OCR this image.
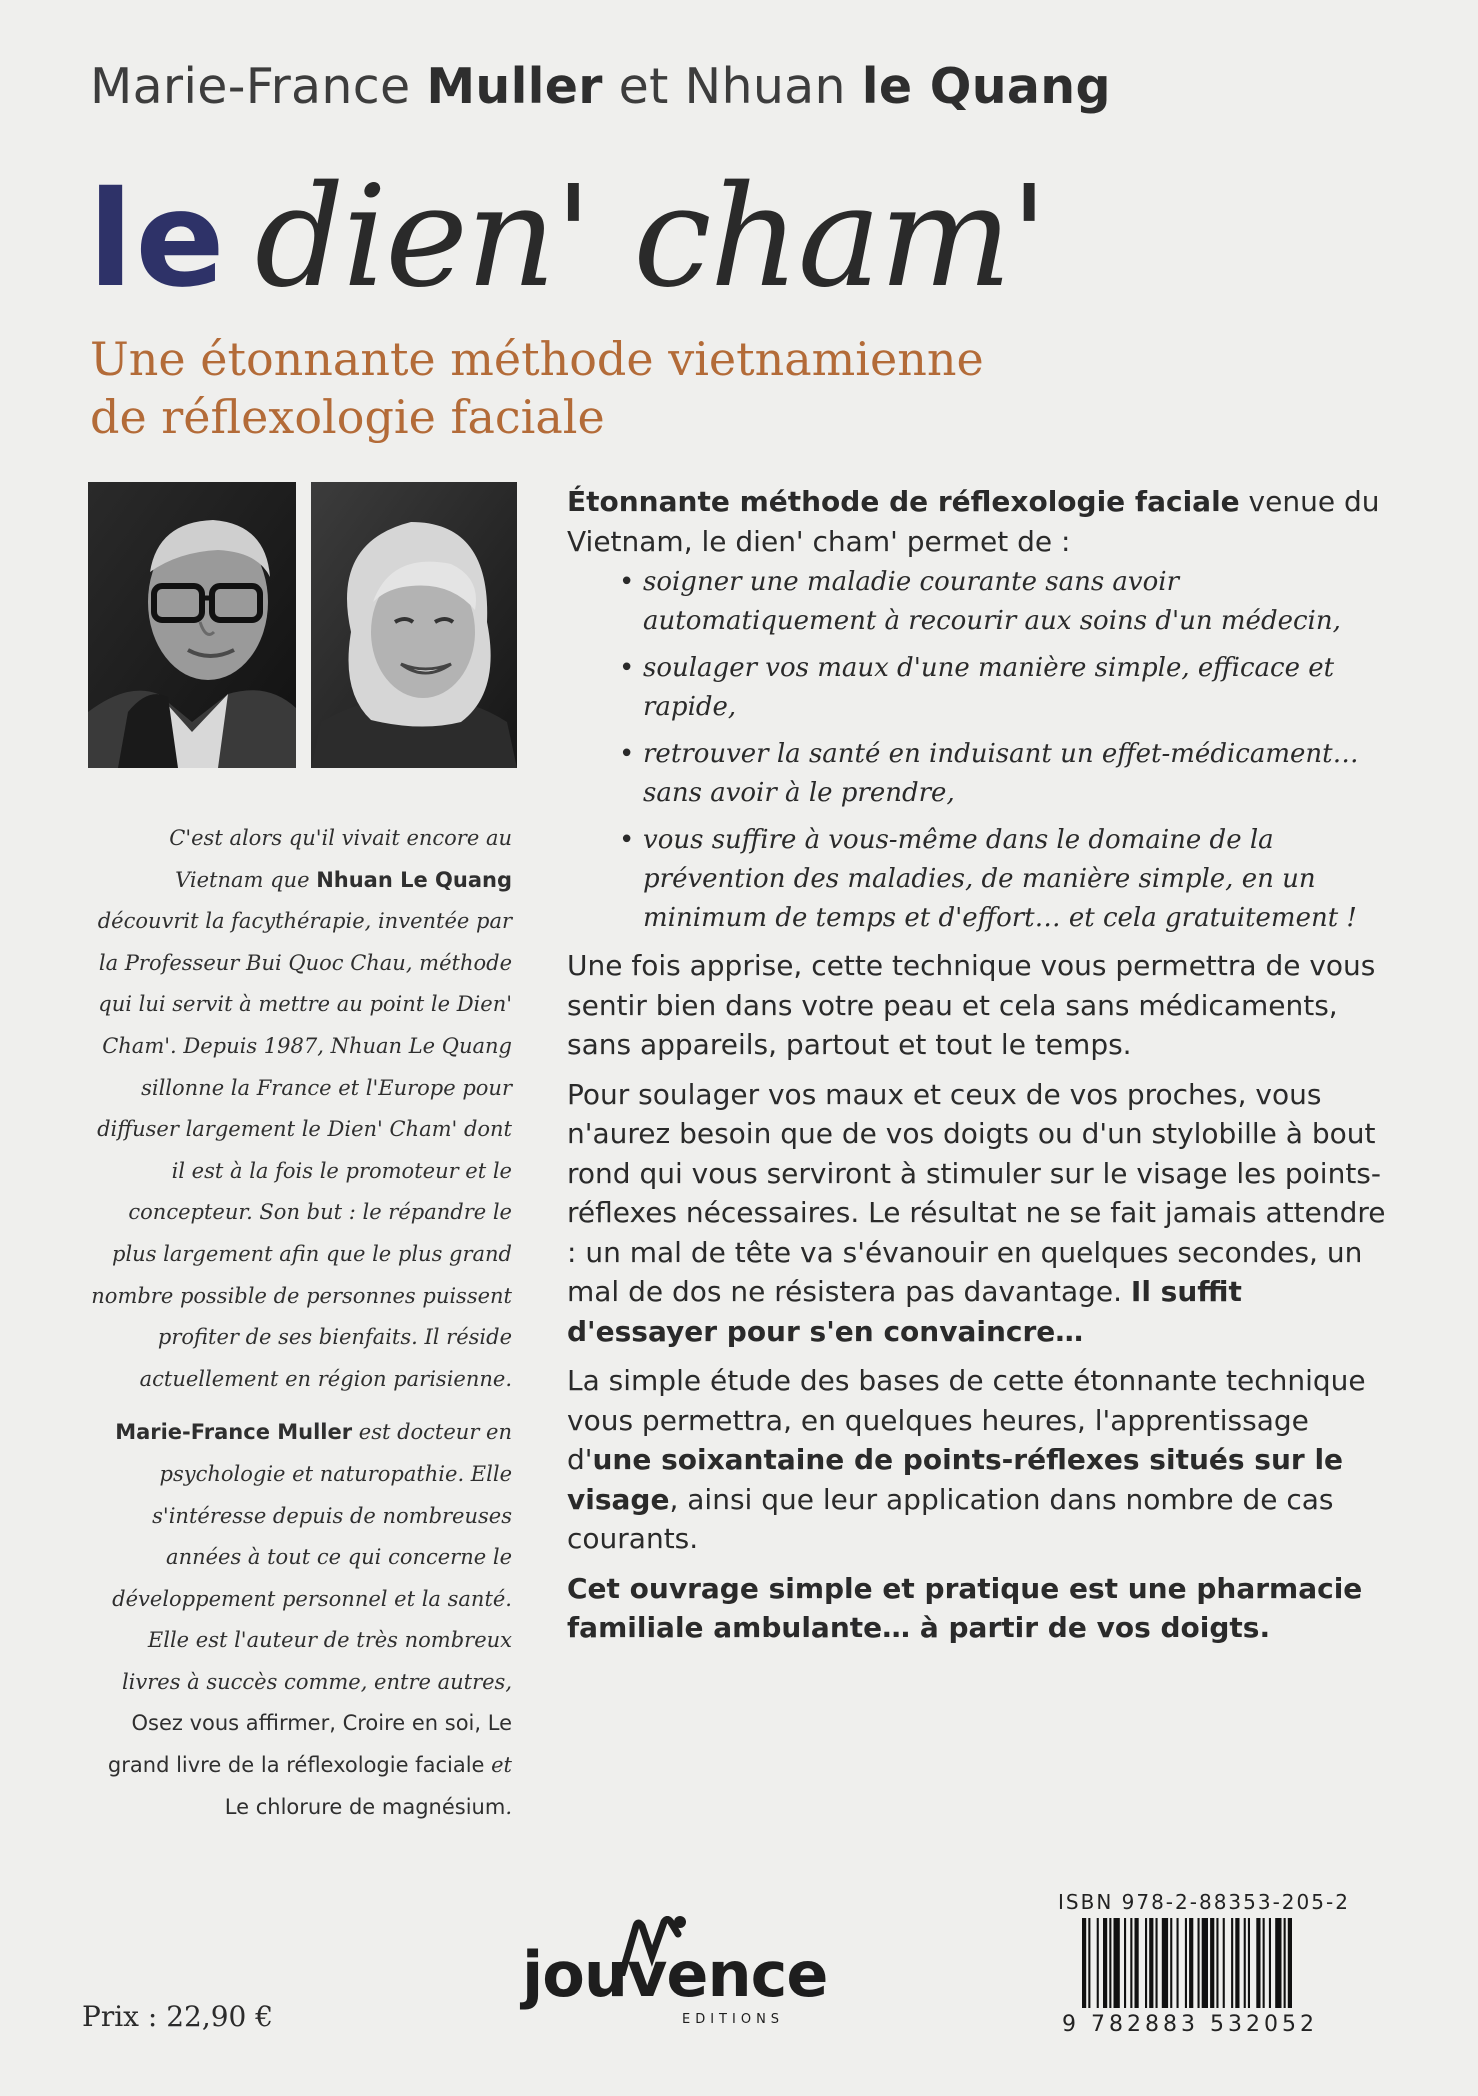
Marie-France Muller et Nhuan le Quang
le dien' cham'
Une étonnante méthode vietnamienne
de réflexologie faciale

C'est alors qu'il vivait encore au Vietnam que Nhuan Le Quang découvrit la facythérapie, inventée par la Professeur Bui Quoc Chau, méthode qui lui servit à mettre au point le Dien' Cham'. Depuis 1987, Nhuan Le Quang sillonne la France et l'Europe pour diffuser largement le Dien' Cham' dont il est à la fois le promoteur et le concepteur. Son but : le répandre le plus largement afin que le plus grand nombre possible de personnes puissent profiter de ses bienfaits. Il réside actuellement en région parisienne.

Marie-France Muller est docteur en psychologie et naturopathie. Elle s'intéresse depuis de nombreuses années à tout ce qui concerne le développement personnel et la santé. Elle est l'auteur de très nombreux livres à succès comme, entre autres, Osez vous affirmer, Croire en soi, Le grand livre de la réflexologie faciale et Le chlorure de magnésium.

Étonnante méthode de réflexologie faciale venue du Vietnam, le dien' cham' permet de :

• soigner une maladie courante sans avoir automatiquement à recourir aux soins d'un médecin,
• soulager vos maux d'une manière simple, efficace et rapide,
• retrouver la santé en induisant un effet-médicament… sans avoir à le prendre,
• vous suffire à vous-même dans le domaine de la prévention des maladies, de manière simple, en un minimum de temps et d'effort… et cela gratuitement !

Une fois apprise, cette technique vous permettra de vous sentir bien dans votre peau et cela sans médicaments, sans appareils, partout et tout le temps.

Pour soulager vos maux et ceux de vos proches, vous n'aurez besoin que de vos doigts ou d'un stylobille à bout rond qui vous serviront à stimuler sur le visage les points-réflexes nécessaires. Le résultat ne se fait jamais attendre : un mal de tête va s'évanouir en quelques secondes, un mal de dos ne résistera pas davantage. Il suffit d'essayer pour s'en convaincre…

La simple étude des bases de cette étonnante technique vous permettra, en quelques heures, l'apprentissage d'une soixantaine de points-réflexes situés sur le visage, ainsi que leur application dans nombre de cas courants.

Cet ouvrage simple et pratique est une pharmacie familiale ambulante… à partir de vos doigts.

Prix : 22,90 €
jouvence
EDITIONS
ISBN 978-2-88353-205-2
9 782883 532052
